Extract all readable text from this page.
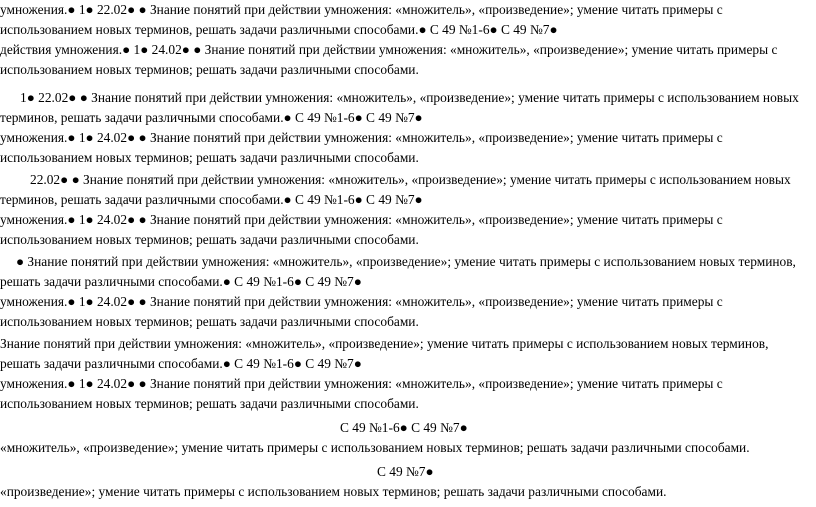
умножения.● 1● 22.02● ● Знание понятий при действии умножения: «множитель», «произведение»; умение читать примеры с
использованием новых терминов, решать задачи различными способами.● С 49 №1-6● С 49 №7●
действия умножения.● 1● 24.02● ● Знание понятий при действии умножения: «множитель», «произведение»; умение читать примеры с
использованием новых терминов; решать задачи различными способами.
1● 22.02● ● Знание понятий при действии умножения: «множитель», «произведение»; умение читать примеры с использованием новых
терминов, решать задачи различными способами.● С 49 №1-6● С 49 №7●
умножения.● 1● 24.02● ● Знание понятий при действии умножения: «множитель», «произведение»; умение читать примеры с
использованием новых терминов; решать задачи различными способами.
22.02● ● Знание понятий при действии умножения: «множитель», «произведение»; умение читать примеры с использованием новых
терминов, решать задачи различными способами.● С 49 №1-6● С 49 №7●
умножения.● 1● 24.02● ● Знание понятий при действии умножения: «множитель», «произведение»; умение читать примеры с
использованием новых терминов; решать задачи различными способами.
● Знание понятий при действии умножения: «множитель», «произведение»; умение читать примеры с использованием новых терминов,
решать задачи различными способами.● С 49 №1-6● С 49 №7●
умножения.● 1● 24.02● ● Знание понятий при действии умножения: «множитель», «произведение»; умение читать примеры с
использованием новых терминов; решать задачи различными способами.
Знание понятий при действии умножения: «множитель», «произведение»; умение читать примеры с использованием новых терминов,
решать задачи различными способами.● С 49 №1-6● С 49 №7●
умножения.● 1● 24.02● ● Знание понятий при действии умножения: «множитель», «произведение»; умение читать примеры с
использованием новых терминов; решать задачи различными способами.
С 49 №1-6● С 49 №7●
«множитель», «произведение»; умение читать примеры с использованием новых терминов; решать задачи различными способами.
С 49 №7●
«произведение»; умение читать примеры с использованием новых терминов; решать задачи различными способами.
